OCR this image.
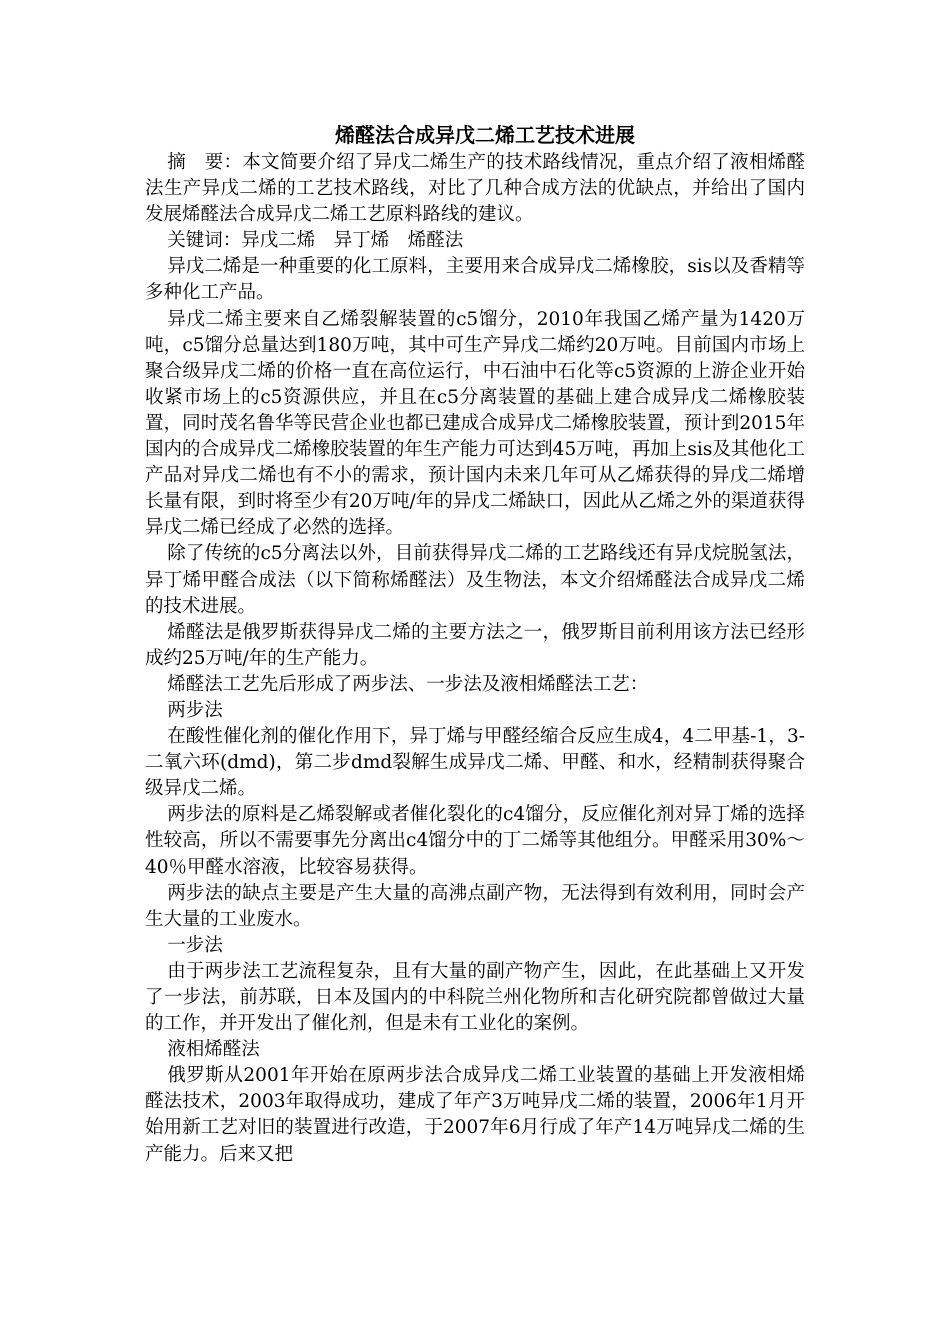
烯醛法合成异戊二烯工艺技术进展

摘　要：本文简要介绍了异戊二烯生产的技术路线情况，重点介绍了液相烯醛法生产异戊二烯的工艺技术路线，对比了几种合成方法的优缺点，并给出了国内发展烯醛法合成异戊二烯工艺原料路线的建议。

关键词：异戊二烯　异丁烯　烯醛法

异戊二烯是一种重要的化工原料，主要用来合成异戊二烯橡胶，sis以及香精等多种化工产品。

异戊二烯主要来自乙烯裂解装置的c5馏分，2010年我国乙烯产量为1420万吨，c5馏分总量达到180万吨，其中可生产异戊二烯约20万吨。目前国内市场上聚合级异戊二烯的价格一直在高位运行，中石油中石化等c5资源的上游企业开始收紧市场上的c5资源供应，并且在c5分离装置的基础上建合成异戊二烯橡胶装置，同时茂名鲁华等民营企业也都已建成合成异戊二烯橡胶装置，预计到2015年国内的合成异戊二烯橡胶装置的年生产能力可达到45万吨，再加上sis及其他化工产品对异戊二烯也有不小的需求，预计国内未来几年可从乙烯获得的异戊二烯增长量有限，到时将至少有20万吨/年的异戊二烯缺口，因此从乙烯之外的渠道获得异戊二烯已经成了必然的选择。

除了传统的c5分离法以外，目前获得异戊二烯的工艺路线还有异戊烷脱氢法，异丁烯甲醛合成法（以下简称烯醛法）及生物法，本文介绍烯醛法合成异戊二烯的技术进展。

烯醛法是俄罗斯获得异戊二烯的主要方法之一，俄罗斯目前利用该方法已经形成约25万吨/年的生产能力。

烯醛法工艺先后形成了两步法、一步法及液相烯醛法工艺：

两步法

在酸性催化剂的催化作用下，异丁烯与甲醛经缩合反应生成4，4二甲基-1，3-二氧六环(dmd)，第二步dmd裂解生成异戊二烯、甲醛、和水，经精制获得聚合级异戊二烯。

两步法的原料是乙烯裂解或者催化裂化的c4馏分，反应催化剂对异丁烯的选择性较高，所以不需要事先分离出c4馏分中的丁二烯等其他组分。甲醛采用30%～40％甲醛水溶液，比较容易获得。

两步法的缺点主要是产生大量的高沸点副产物，无法得到有效利用，同时会产生大量的工业废水。

一步法

由于两步法工艺流程复杂，且有大量的副产物产生，因此，在此基础上又开发了一步法，前苏联，日本及国内的中科院兰州化物所和吉化研究院都曾做过大量的工作，并开发出了催化剂，但是未有工业化的案例。

液相烯醛法

俄罗斯从2001年开始在原两步法合成异戊二烯工业装置的基础上开发液相烯醛法技术，2003年取得成功，建成了年产3万吨异戊二烯的装置，2006年1月开始用新工艺对旧的装置进行改造，于2007年6月行成了年产14万吨异戊二烯的生产能力。后来又把
